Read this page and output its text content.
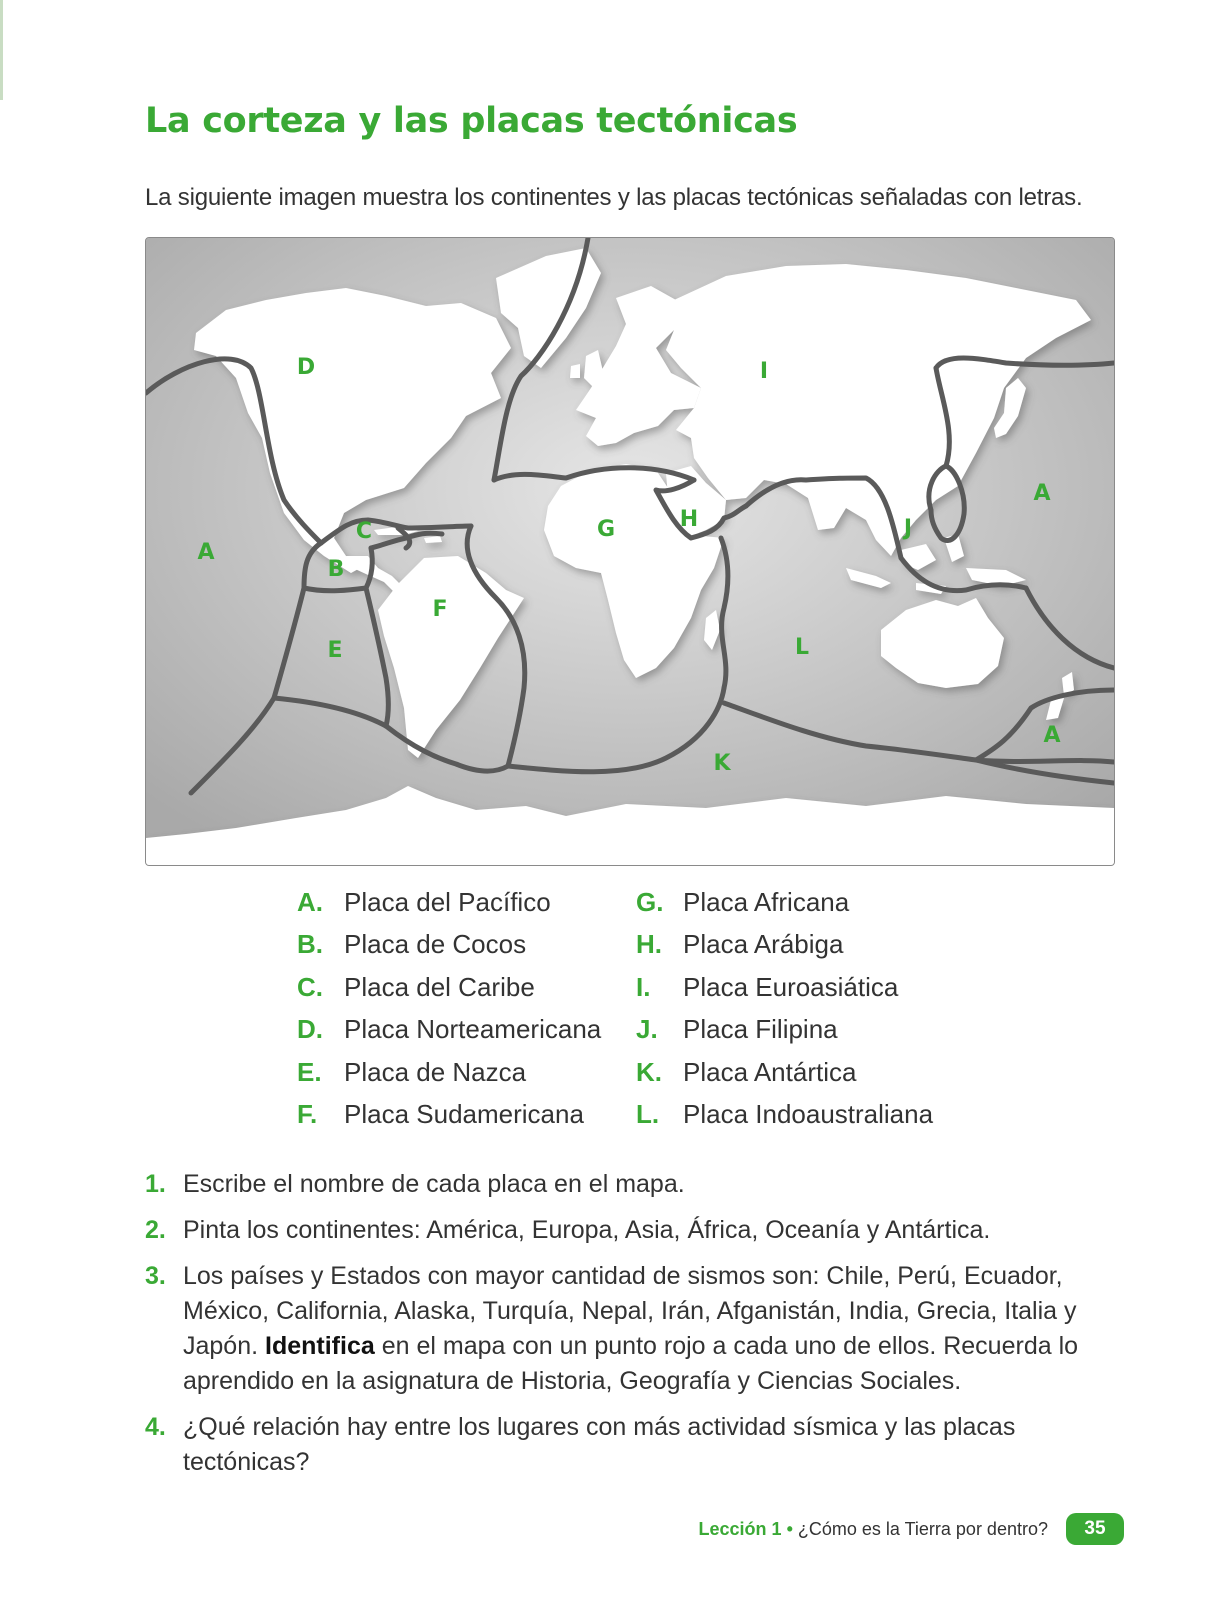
La corteza y las placas tectónicas

La siguiente imagen muestra los continentes y las placas tectónicas señaladas con letras.

D	I
A
C	G	H	J
A
B
F
E	L
A
K
A. Placa del Pacífico
B. Placa de Cocos
C. Placa del Caribe
D. Placa Norteamericana
E. Placa de Nazca
F. Placa Sudamericana
G. Placa Africana
H. Placa Arábiga
I. Placa Euroasiática
J. Placa Filipina
K. Placa Antártica
L. Placa Indoaustraliana
1. Escribe el nombre de cada placa en el mapa.
2. Pinta los continentes: América, Europa, Asia, África, Oceanía y Antártica.
3. Los países y Estados con mayor cantidad de sismos son: Chile, Perú, Ecuador, México, California, Alaska, Turquía, Nepal, Irán, Afganistán, India, Grecia, Italia y Japón. Identifica en el mapa con un punto rojo a cada uno de ellos. Recuerda lo aprendido en la asignatura de Historia, Geografía y Ciencias Sociales.
4. ¿Qué relación hay entre los lugares con más actividad sísmica y las placas tectónicas?
Lección 1 • ¿Cómo es la Tierra por dentro?	35
